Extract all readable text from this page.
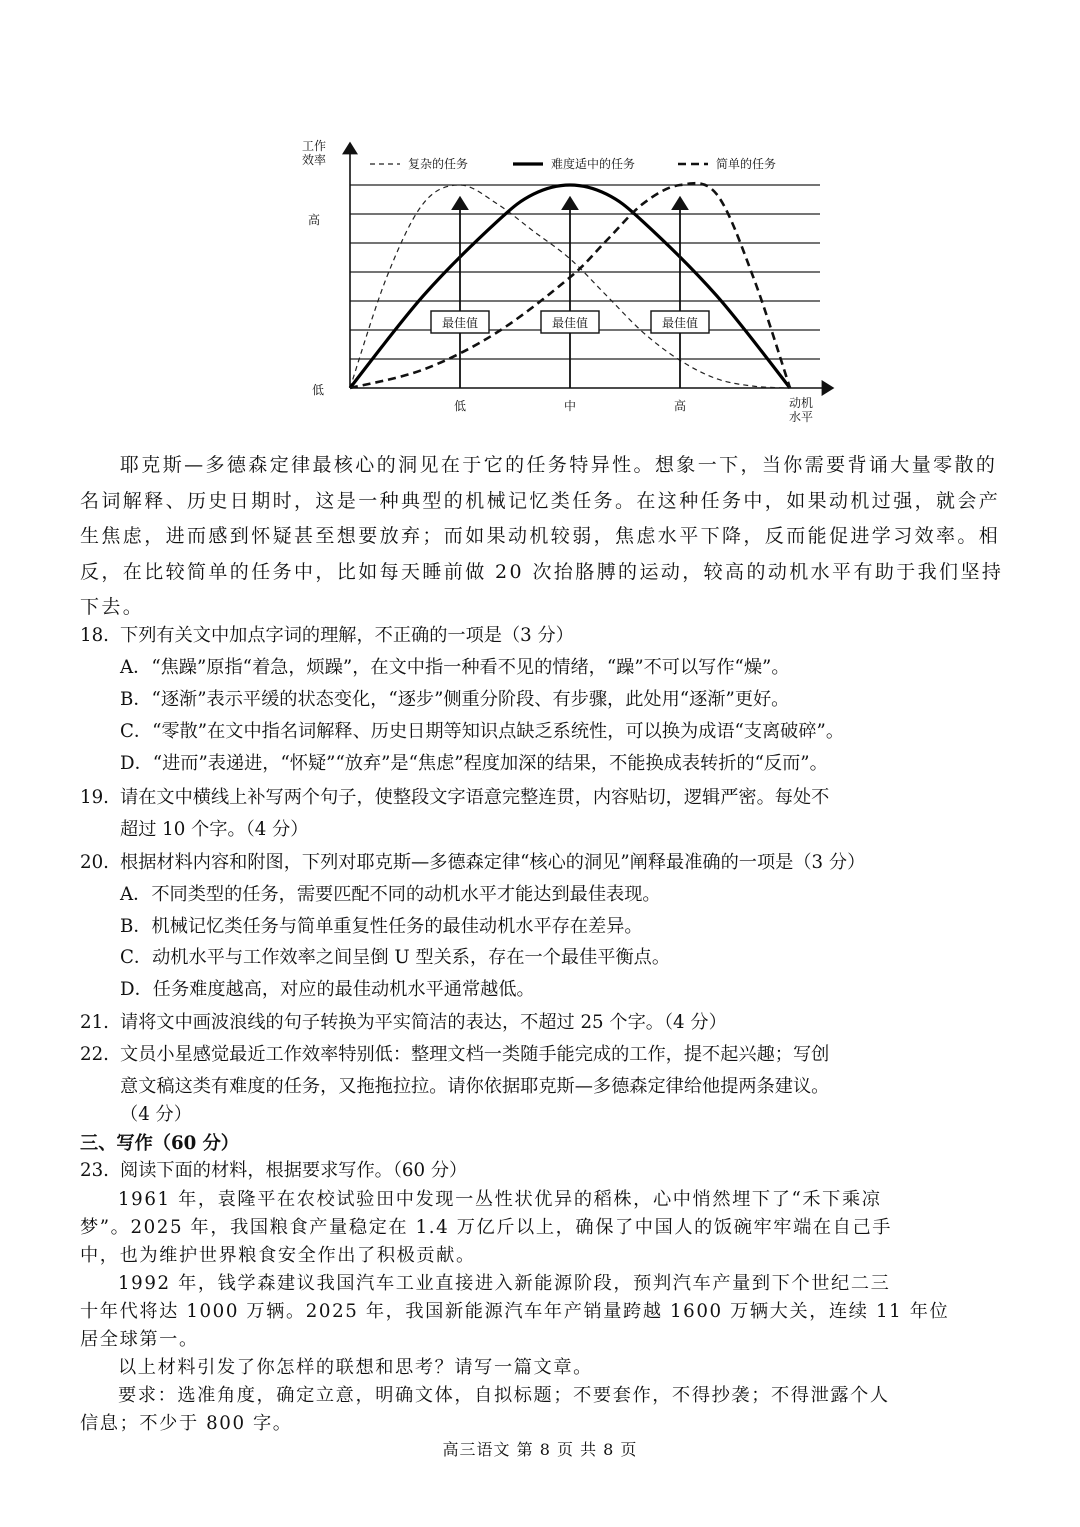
最佳值	最佳值	最佳值
复杂的任务	难度适中的任务	简单的任务
工作
效率
高
低
低	中	高	动机
水平

耶克斯—多德森定律最核心的洞见在于它的任务特异性。想象一下，当你需要背诵大量零散的名词解释、历史日期时，这是一种典型的机械记忆类任务。在这种任务中，如果动机过强，就会产生焦虑，进而感到怀疑甚至想要放弃；而如果动机较弱，焦虑水平下降，反而能促进学习效率。相反，在比较简单的任务中，比如每天睡前做 20 次抬胳膊的运动，较高的动机水平有助于我们坚持下去。

18. 下列有关文中加点字词的理解，不正确的一项是（3 分）
A．“焦躁”原指“着急，烦躁”，在文中指一种看不见的情绪，“躁”不可以写作“燥”。
B．“逐渐”表示平缓的状态变化，“逐步”侧重分阶段、有步骤，此处用“逐渐”更好。
C．“零散”在文中指名词解释、历史日期等知识点缺乏系统性，可以换为成语“支离破碎”。
D．“进而”表递进，“怀疑”“放弃”是“焦虑”程度加深的结果，不能换成表转折的“反而”。
19. 请在文中横线上补写两个句子，使整段文字语意完整连贯，内容贴切，逻辑严密。每处不
超过 10 个字。（4 分）
20. 根据材料内容和附图，下列对耶克斯—多德森定律“核心的洞见”阐释最准确的一项是（3 分）
A．不同类型的任务，需要匹配不同的动机水平才能达到最佳表现。
B．机械记忆类任务与简单重复性任务的最佳动机水平存在差异。
C．动机水平与工作效率之间呈倒 U 型关系，存在一个最佳平衡点。
D．任务难度越高，对应的最佳动机水平通常越低。
21. 请将文中画波浪线的句子转换为平实简洁的表达，不超过 25 个字。（4 分）
22. 文员小星感觉最近工作效率特别低：整理文档一类随手能完成的工作，提不起兴趣；写创
意文稿这类有难度的任务，又拖拖拉拉。请你依据耶克斯—多德森定律给他提两条建议。
（4 分）
三、写作（60 分）
23. 阅读下面的材料，根据要求写作。（60 分）
1961 年，袁隆平在农校试验田中发现一丛性状优异的稻株，心中悄然埋下了“禾下乘凉
梦”。2025 年，我国粮食产量稳定在 1.4 万亿斤以上，确保了中国人的饭碗牢牢端在自己手
中，也为维护世界粮食安全作出了积极贡献。
1992 年，钱学森建议我国汽车工业直接进入新能源阶段，预判汽车产量到下个世纪二三
十年代将达 1000 万辆。2025 年，我国新能源汽车年产销量跨越 1600 万辆大关，连续 11 年位
居全球第一。
以上材料引发了你怎样的联想和思考？请写一篇文章。
要求：选准角度，确定立意，明确文体，自拟标题；不要套作，不得抄袭；不得泄露个人
信息；不少于 800 字。
高三语文 第 8 页 共 8 页
